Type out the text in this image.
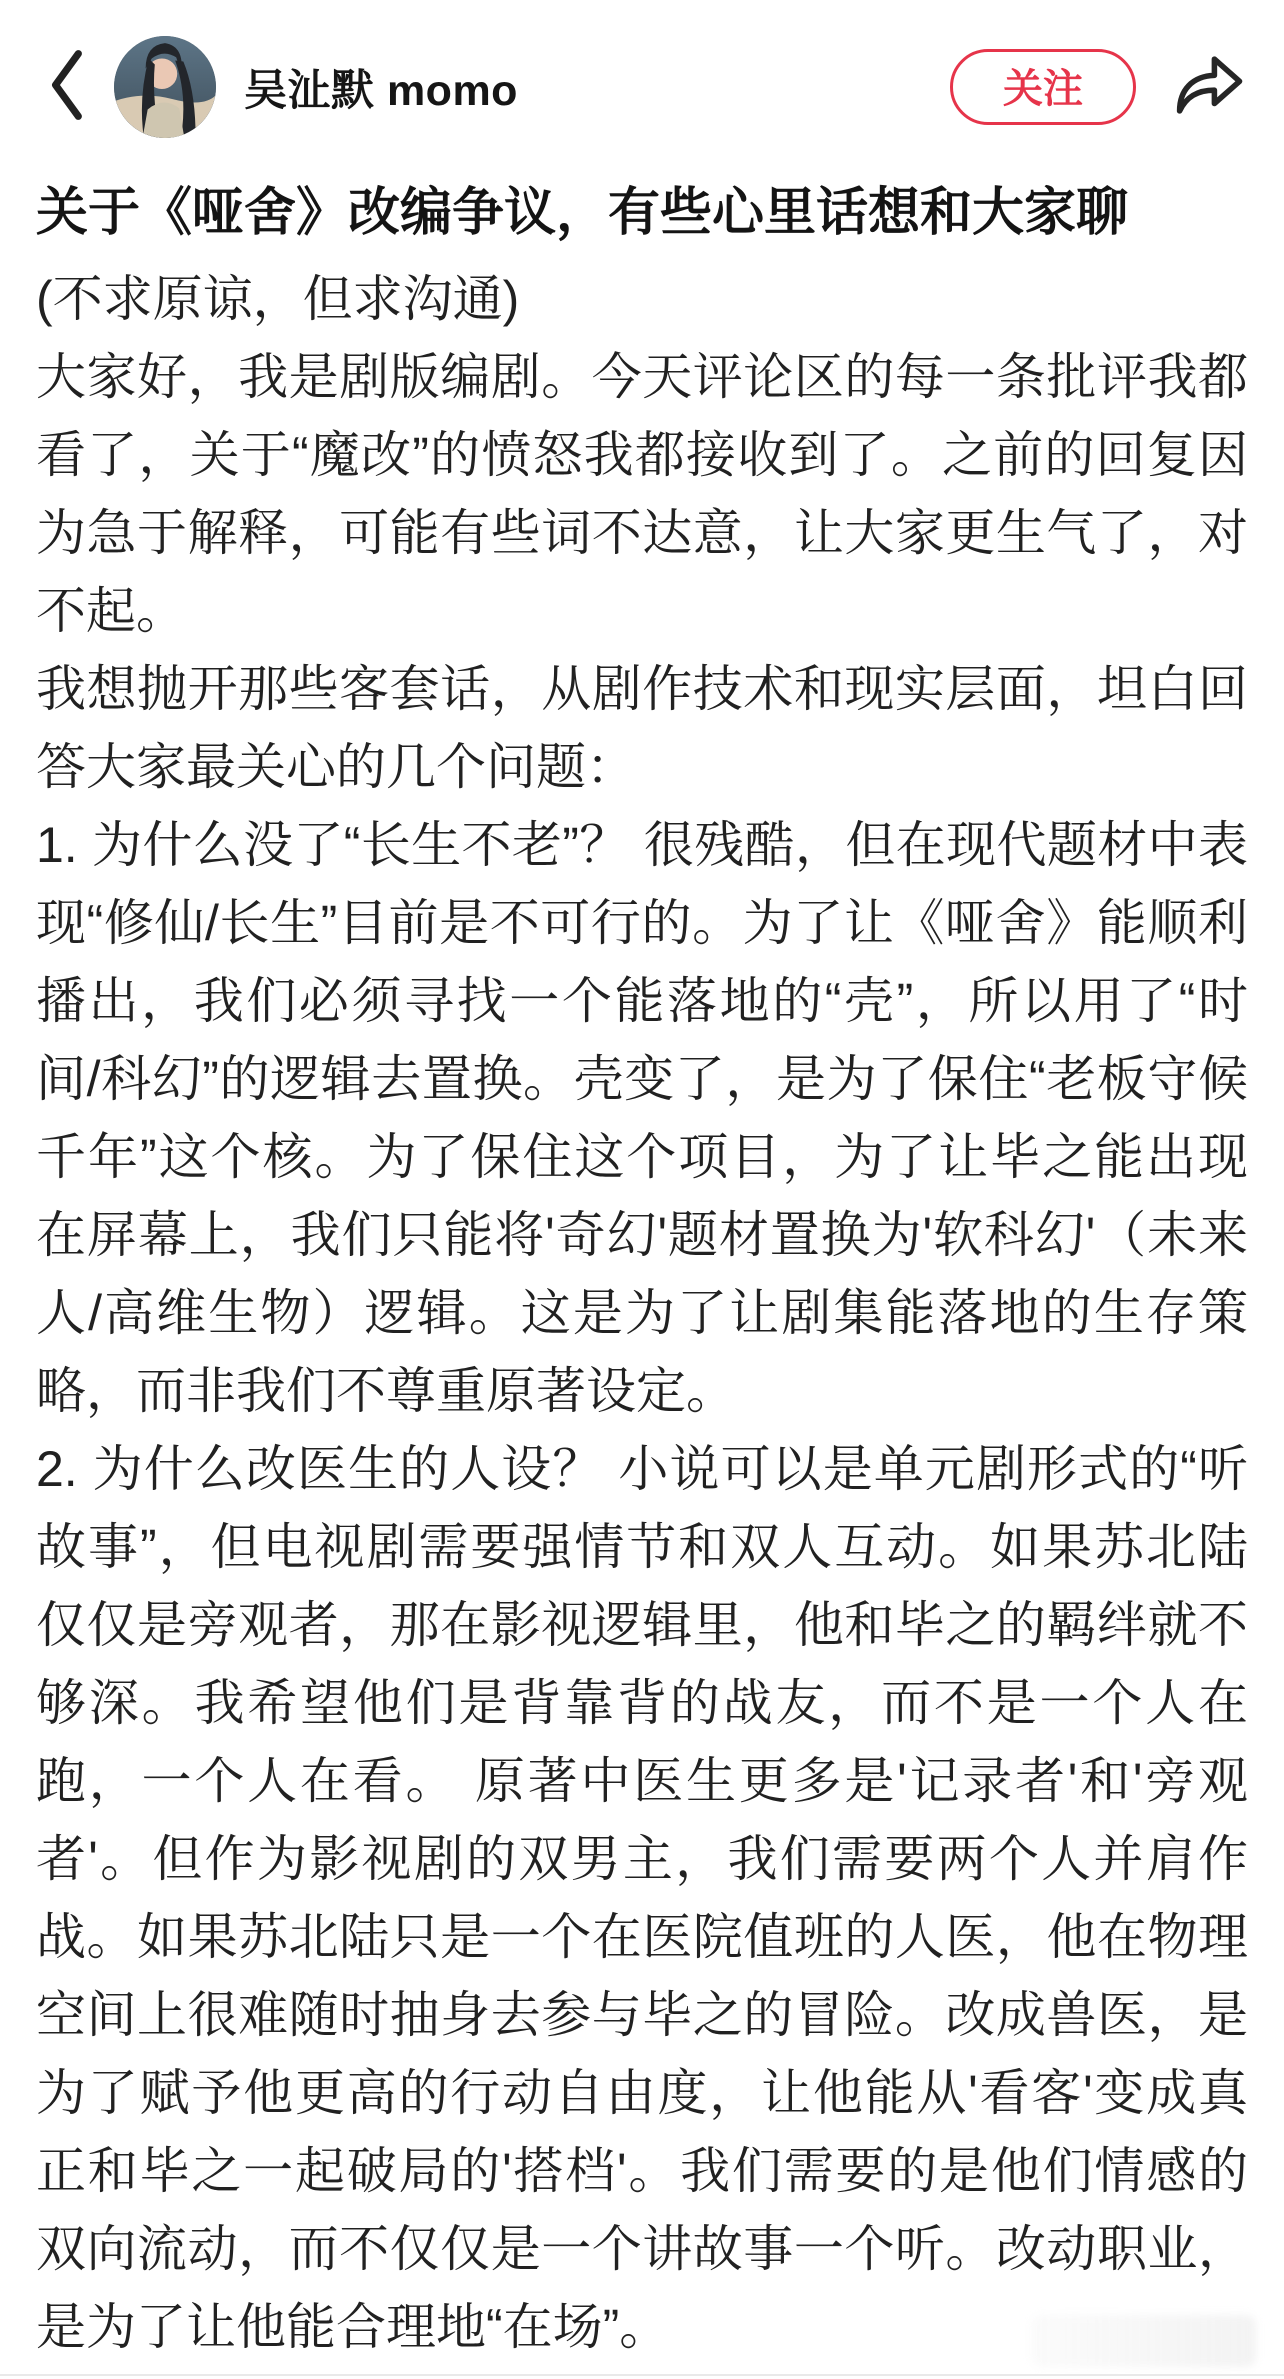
吴沚默 momo	关注
关于《哑舍》改编争议，有些心里话想和大家聊

(不求原谅，但求沟通)

大家好，我是剧版编剧。今天评论区的每一条批评我都看了，关于“魔改”的愤怒我都接收到了。之前的回复因为急于解释，可能有些词不达意，让大家更生气了，对不起。

我想抛开那些客套话，从剧作技术和现实层面，坦白回答大家最关心的几个问题：

1. 为什么没了“长生不老”？ 很残酷，但在现代题材中表现“修仙/长生”目前是不可行的。为了让《哑舍》能顺利播出，我们必须寻找一个能落地的“壳”，所以用了“时间/科幻”的逻辑去置换。壳变了，是为了保住“老板守候千年”这个核。为了保住这个项目，为了让毕之能出现在屏幕上，我们只能将'奇幻'题材置换为'软科幻'（未来人/高维生物）逻辑。这是为了让剧集能落地的生存策略，而非我们不尊重原著设定。

2. 为什么改医生的人设？ 小说可以是单元剧形式的“听故事”，但电视剧需要强情节和双人互动。如果苏北陆仅仅是旁观者，那在影视逻辑里，他和毕之的羁绊就不够深。我希望他们是背靠背的战友，而不是一个人在跑，一个人在看。 原著中医生更多是'记录者'和'旁观者'。但作为影视剧的双男主，我们需要两个人并肩作战。如果苏北陆只是一个在医院值班的人医，他在物理空间上很难随时抽身去参与毕之的冒险。改成兽医，是为了赋予他更高的行动自由度，让他能从'看客'变成真正和毕之一起破局的'搭档'。我们需要的是他们情感的双向流动，而不仅仅是一个讲故事一个听。改动职业，是为了让他能合理地“在场”。
